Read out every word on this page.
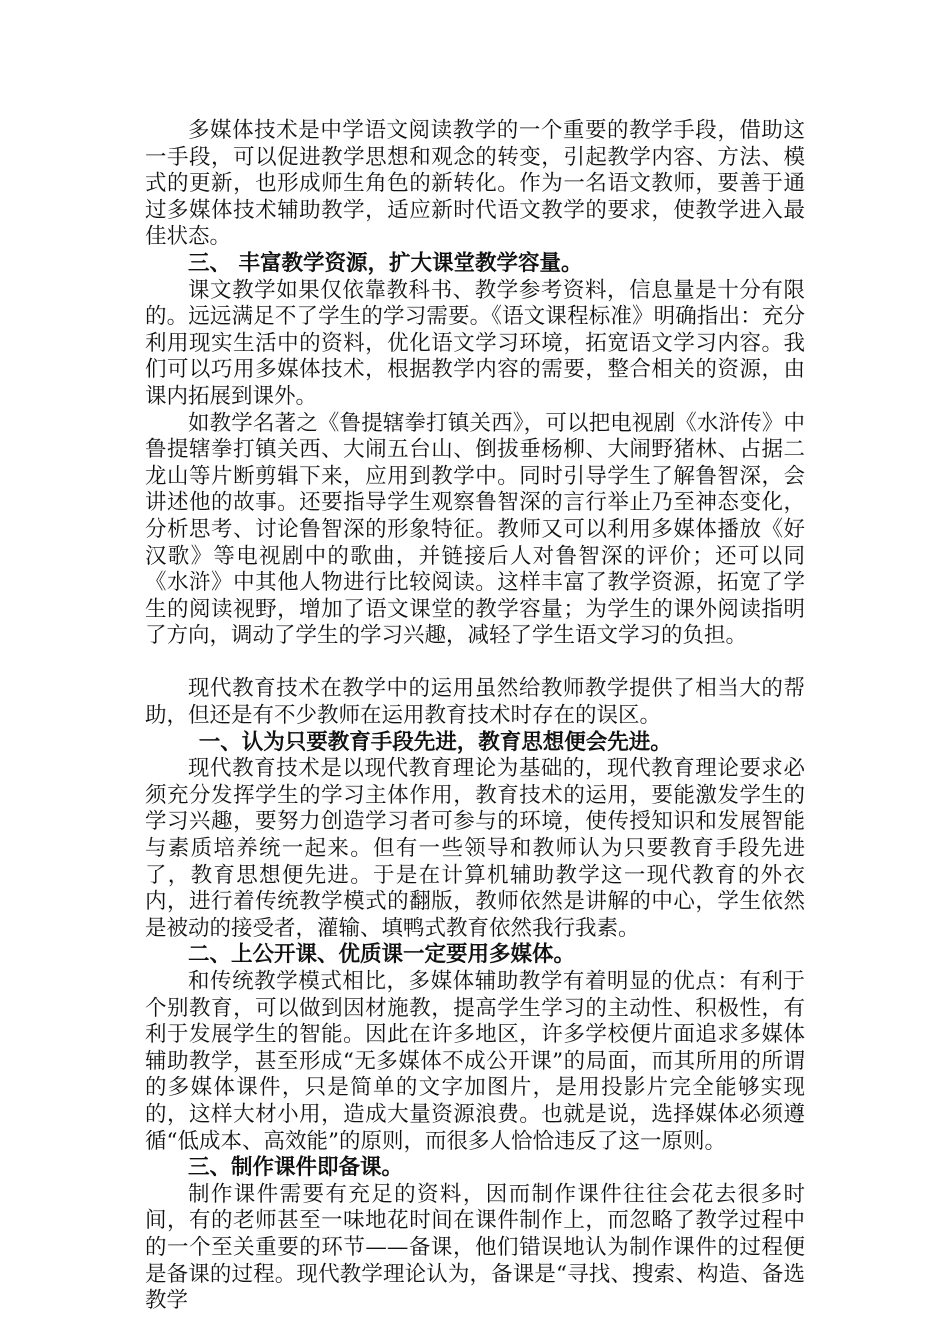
多媒体技术是中学语文阅读教学的一个重要的教学手段，借助这一手段，可以促进教学思想和观念的转变，引起教学内容、方法、模式的更新，也形成师生角色的新转化。作为一名语文教师，要善于通过多媒体技术辅助教学，适应新时代语文教学的要求，使教学进入最佳状态。

三、 丰富教学资源，扩大课堂教学容量。

课文教学如果仅依靠教科书、教学参考资料，信息量是十分有限的。远远满足不了学生的学习需要。《语文课程标准》明确指出：充分利用现实生活中的资料，优化语文学习环境，拓宽语文学习内容。我们可以巧用多媒体技术，根据教学内容的需要，整合相关的资源，由课内拓展到课外。

如教学名著之《鲁提辖拳打镇关西》，可以把电视剧《水浒传》中鲁提辖拳打镇关西、大闹五台山、倒拔垂杨柳、大闹野猪林、占据二龙山等片断剪辑下来，应用到教学中。同时引导学生了解鲁智深，会讲述他的故事。还要指导学生观察鲁智深的言行举止乃至神态变化，分析思考、讨论鲁智深的形象特征。教师又可以利用多媒体播放《好汉歌》等电视剧中的歌曲，并链接后人对鲁智深的评价；还可以同《水浒》中其他人物进行比较阅读。这样丰富了教学资源，拓宽了学生的阅读视野，增加了语文课堂的教学容量；为学生的课外阅读指明了方向，调动了学生的学习兴趣，减轻了学生语文学习的负担。

现代教育技术在教学中的运用虽然给教师教学提供了相当大的帮助，但还是有不少教师在运用教育技术时存在的误区。

一、认为只要教育手段先进，教育思想便会先进。

现代教育技术是以现代教育理论为基础的，现代教育理论要求必须充分发挥学生的学习主体作用，教育技术的运用，要能激发学生的学习兴趣，要努力创造学习者可参与的环境，使传授知识和发展智能与素质培养统一起来。但有一些领导和教师认为只要教育手段先进了，教育思想便先进。于是在计算机辅助教学这一现代教育的外衣内，进行着传统教学模式的翻版，教师依然是讲解的中心，学生依然是被动的接受者，灌输、填鸭式教育依然我行我素。

二、上公开课、优质课一定要用多媒体。

和传统教学模式相比，多媒体辅助教学有着明显的优点：有利于个别教育，可以做到因材施教，提高学生学习的主动性、积极性，有利于发展学生的智能。因此在许多地区，许多学校便片面追求多媒体辅助教学，甚至形成“无多媒体不成公开课”的局面，而其所用的所谓的多媒体课件，只是简单的文字加图片，是用投影片完全能够实现的，这样大材小用，造成大量资源浪费。也就是说，选择媒体必须遵循“低成本、高效能”的原则，而很多人恰恰违反了这一原则。

三、制作课件即备课。

制作课件需要有充足的资料，因而制作课件往往会花去很多时间，有的老师甚至一味地花时间在课件制作上，而忽略了教学过程中的一个至关重要的环节——备课，他们错误地认为制作课件的过程便是备课的过程。现代教学理论认为，备课是“寻找、搜索、构造、备选教学
